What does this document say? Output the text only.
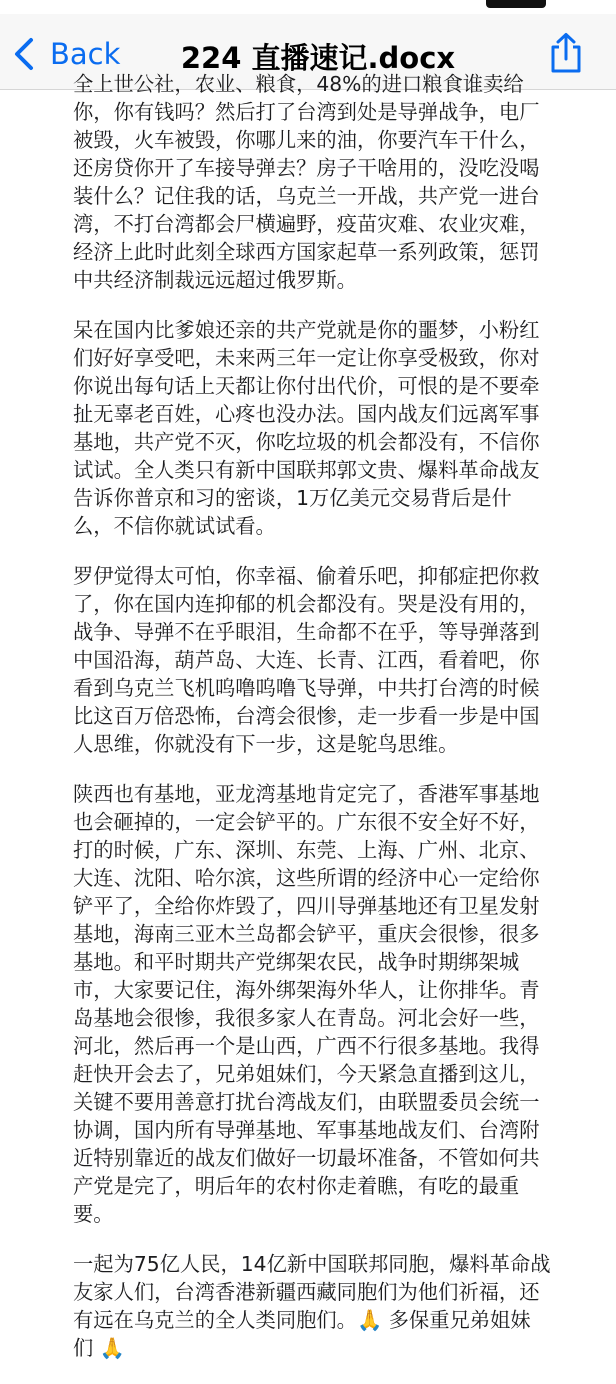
Back	224 直播速记.docx
全上世公社，农业、粮食，48%的进口粮食谁卖给
你，你有钱吗？然后打了台湾到处是导弹战争，电厂
被毁，火车被毁，你哪儿来的油，你要汽车干什么，
还房贷你开了车接导弹去？房子干啥用的，没吃没喝
装什么？记住我的话，乌克兰一开战，共产党一进台
湾，不打台湾都会尸横遍野，疫苗灾难、农业灾难，
经济上此时此刻全球西方国家起草一系列政策，惩罚
中共经济制裁远远超过俄罗斯。
呆在国内比爹娘还亲的共产党就是你的噩梦，小粉红
们好好享受吧，未来两三年一定让你享受极致，你对
你说出每句话上天都让你付出代价，可恨的是不要牵
扯无辜老百姓，心疼也没办法。国内战友们远离军事
基地，共产党不灭，你吃垃圾的机会都没有，不信你
试试。全人类只有新中国联邦郭文贵、爆料革命战友
告诉你普京和习的密谈，1万亿美元交易背后是什
么，不信你就试试看。
罗伊觉得太可怕，你幸福、偷着乐吧，抑郁症把你救
了，你在国内连抑郁的机会都没有。哭是没有用的，
战争、导弹不在乎眼泪，生命都不在乎，等导弹落到
中国沿海，葫芦岛、大连、长青、江西，看着吧，你
看到乌克兰飞机呜噜呜噜飞导弹，中共打台湾的时候
比这百万倍恐怖，台湾会很惨，走一步看一步是中国
人思维，你就没有下一步，这是鸵鸟思维。
陕西也有基地，亚龙湾基地肯定完了，香港军事基地
也会砸掉的，一定会铲平的。广东很不安全好不好，
打的时候，广东、深圳、东莞、上海、广州、北京、
大连、沈阳、哈尔滨，这些所谓的经济中心一定给你
铲平了，全给你炸毁了，四川导弹基地还有卫星发射
基地，海南三亚木兰岛都会铲平，重庆会很惨，很多
基地。和平时期共产党绑架农民，战争时期绑架城
市，大家要记住，海外绑架海外华人，让你排华。青
岛基地会很惨，我很多家人在青岛。河北会好一些，
河北，然后再一个是山西，广西不行很多基地。我得
赶快开会去了，兄弟姐妹们，今天紧急直播到这儿，
关键不要用善意打扰台湾战友们，由联盟委员会统一
协调，国内所有导弹基地、军事基地战友们、台湾附
近特别靠近的战友们做好一切最坏准备，不管如何共
产党是完了，明后年的农村你走着瞧，有吃的最重
要。
一起为75亿人民，14亿新中国联邦同胞，爆料革命战
友家人们，台湾香港新疆西藏同胞们为他们祈福，还
有远在乌克兰的全人类同胞们。🙏 多保重兄弟姐妹
们 🙏
